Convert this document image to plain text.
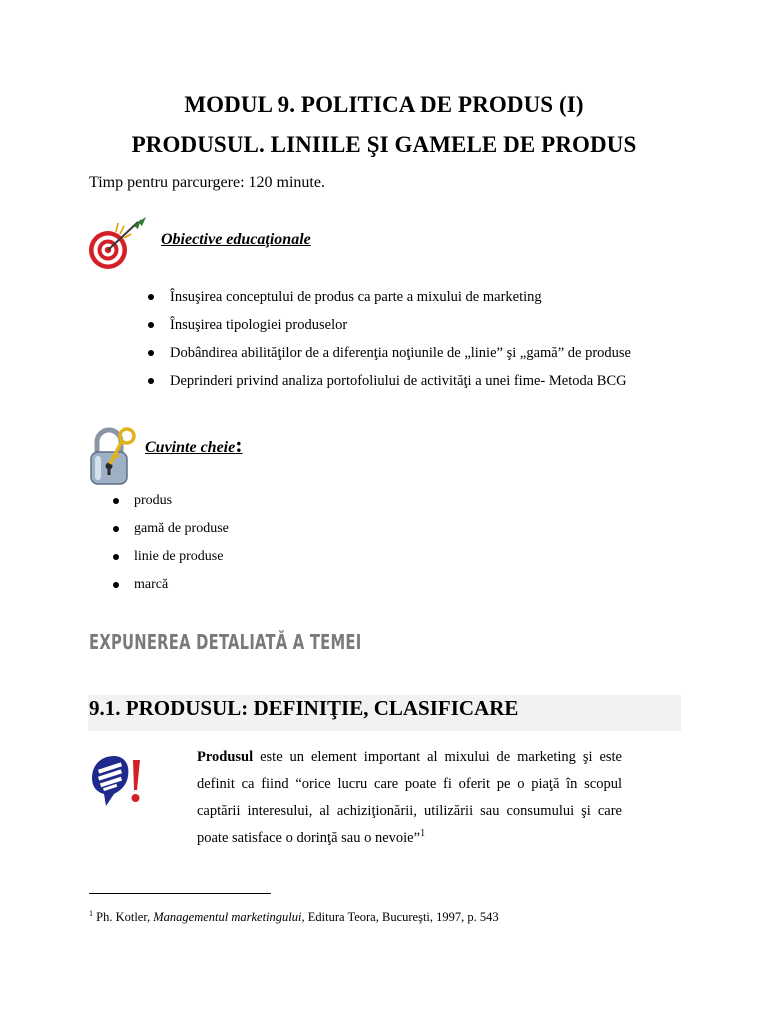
MODUL 9. POLITICA DE PRODUS (I)
PRODUSUL. LINIILE ŞI GAMELE DE PRODUS
Timp pentru parcurgere: 120 minute.
Obiective educaţionale
Însuşirea conceptului de produs ca parte a mixului de marketing
Însuşirea tipologiei produselor
Dobândirea abilităţilor de a diferenţia noţiunile de „linie” şi „gamă” de produse
Deprinderi privind analiza portofoliului de activităţi a unei fime- Metoda BCG
Cuvinte cheie:
produs
gamă de produse
linie de produse
marcă
EXPUNEREA DETALIATĂ A TEMEI
9.1. PRODUSUL: DEFINIŢIE, CLASIFICARE
Produsul este un element important al mixului de marketing şi este definit ca fiind “orice lucru care poate fi oferit pe o piaţă în scopul captării interesului, al achiziţionării, utilizării sau consumului şi care poate satisface o dorinţă sau o nevoie”$^1$
$^1$ Ph. Kotler, Managementul marketingului, Editura Teora, Bucureşti, 1997, p. 543
